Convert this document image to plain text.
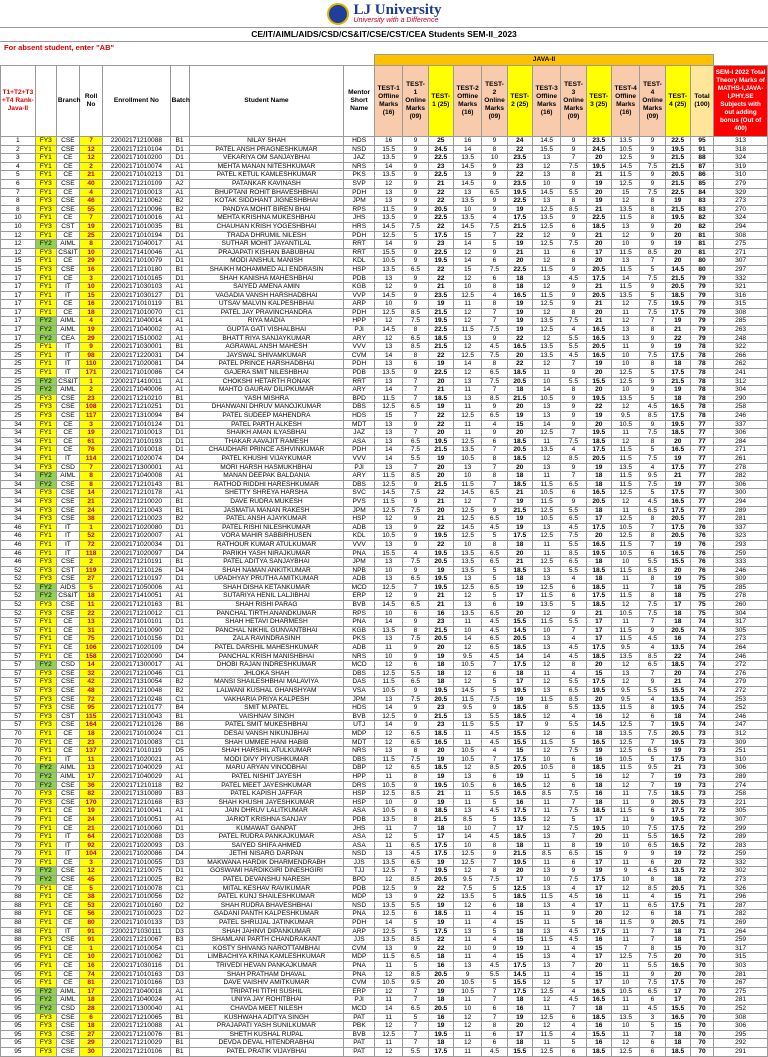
LJ University
University with a Difference
CE/IT/AIML/AIDS/CSD/CS&IT/CSE/CST/CEA Students SEM-II_2023
For absent student, enter "AB"
								JAVA-II													
T1+T2+T3 +T4 Rank- Java-II		Branch	Roll No	Enrollment No	Batch	Student Name	Mentor Short Name	TEST-1 Offline Marks (16)	TEST-1 Online Marks (09)	TEST-1 (25)	TEST-2 Offline Marks (16)	TEST-2 Online Marks (09)	TEST-2 (25)	TEST-3 Offline Marks (16)	TEST-3 Online Marks (09)	TEST-3 (25)	TEST-4 Offline Marks (16)	TEST-4 Online Marks (09)	TEST-4 (25)	Total (100)	SEM-I 2022 Total Theory Marks of MATHS-I,JAVA-I,PHY,SE Subjects with out adding bonus (Out of 400)
1	FY3	CSE	7	22002171210088	B1	NILAY SHAH	HDS	16	9	25	16	9	24	14.5	9	23.5	13.5	9	22.5	95	313
2	FY1	CSE	12	22002171210104	D1	PATEL ANSH PRAGNESHKUMAR	NSD	15.5	9	24.5	14	8	22	15.5	9	24.5	10.5	9	19.5	91	318
3	FY1	CE	12	22002171010200	D1	VEKARIYA OM SANJAYBHAI	JAZ	13.5	9	22.5	13.5	10	23.5	13	7	20	12.5	9	21.5	88	324
4	FY1	CE	2	22002171010074	A1	MEHTA MANAN NITESHKUMAR	NRS	14	9	23	14.5	9	23	12	7.5	19.5	14.5	7.5	21.5	87	319
5	FY1	CE	21	22002171010213	D1	PATEL KETUL KAMLESHKUMAR	PKS	13.5	9	22.5	13	9	22	13	8	21	11.5	9	20.5	86	310
6	FY3	CSE	40	22002171210109	A2	PATANKAR KAVINASH	SVP	12	9	21	14.5	9	23.5	10	9	19	12.5	9	21.5	85	279
7	FY1	CE	4	22002171010013	A1	BHUPTANI ROHIT BHAVESHBHAI	PDH	13	9	22	13	6.5	19.5	14.5	5.5	20	15	7.5	22.5	84	329
8	FY3	CSE	46	22002171210062	B2	KOTAK SIDDHANT JIGNESHBHAI	JPM	13	9	22	13.5	9	22.5	13	8	19	12	8	19	83	273
8	FY3	CSE	55	22002171210096	B2	PANDYA MOHIT BIREN BHAI	RPS	11.5	9	20.5	10	9	19	12.5	8.5	21	13.5	8	21.5	83	270
10	FY1	CE	7	22002171010016	A1	MEHTA KRISHNA MUKESHBHAI	JHS	13.5	9	22.5	13.5	4	17.5	13.5	9	22.5	11.5	8	19.5	82	324
10	FY3	CST	19	22002171010035	B1	CHAUHAN KRISH YOGESHBHAI	HRS	14.5	7.5	22	14.5	7.5	21.5	12.5	6	18.5	13	9	20	82	294
12	FY1	CE	25	22002171010194	D1	TRADA DHRUMIL NILESH	PDH	12.5	5	17.5	15	7	22	12	9	21	12	9	20	81	308
12	FY2	AIML	8	22002171040017	A1	SUTHAR MOHIT JAYANTILAL	RRT	14	9	23	14	5	19	12.5	7.5	20	10	9	19	81	275
12	FY3	CS&IT	10	22002171410046	A1	PRAJAPATI KISHAN BABUBHAI	RRT	15.5	9	22.5	12	9	21	11	6	17	11.5	8.5	20	81	271
15	FY1	CE	29	22002171010079	D1	MODI ANSHUL MANISH	KDL	10.5	9	19.5	14	6	20	12	8	20	13	7	20	80	307
15	FY3	CSE	16	22002171210180	B1	SHAIKH MOHAMMED ALI ENDRASIN	HSP	13.5	6.5	22	15	7.5	22.5	11.5	9	20.5	11.5	5	14.5	80	297
17	FY1	CE	3	22002171010165	D1	SHAH KANISHA MAHESHBHAI	PDB	13	9	22	12	6	18	13	4.5	17.5	14	7.5	21.5	79	332
17	FY1	IT	10	22002171030103	A1	SAIYED AMENA AMIN	KGB	12	9	21	10	8	18	12	9	21	11.5	9	20.5	79	321
17	FY1	IT	15	22002171030127	D1	VAGADIA VANSH HARSHADBHAI	VVP	14.5	9	23.5	12.5	4	16.5	11.5	9	20.5	13.5	5	18.5	79	316
17	FY1	CE	16	22002171010119	B1	UTSAV MALVIN KALPESHBHAI	ARP	10	9	19	11	8	19	12.5	9	21	12	7.5	19.5	79	315
17	FY1	CE	18	22002171010070	C1	PATEL JAY PRAVINCHANDRA	PDH	12.5	8.5	21.5	12	7	19	12	8	20	11	7.5	17.5	79	308
17	FY2	AIML	4	22002171040014	A1	RIYA MADIA	HPP	12	7.5	19.5	12	7	19	13.5	7.5	21	12	7	19	79	285
17	FY2	AIML	19	22002171040002	A1	GUPTA GATI VISHALBHAI	PJI	14.5	8	22.5	11.5	7.5	19	12.5	4	16.5	13	8	21	79	263
17	FY2	CEA	29	22002171510002	A1	BHATT RIYA SANJAYKUMAR	ARY	12	6.5	18.5	13	9	22	12	5.5	16.5	13	9	22	79	248
25	FY1	IT	9	22002171030001	B1	AGRAWAL ANSH MAHESH	VVV	13	8.5	21.5	12	4.5	16.5	13.5	5.5	20.5	11	9	19	78	322
25	FY1	IT	98	22002171220031	D4	JAYSWAL SHIVAMKUMAR	CVM	14	8	22	12.5	7.5	20	13.5	4.5	16.5	10	7.5	17.5	78	266
25	FY1	IT	110	22002171020081	D4	PATEL PRINCE HARSHADBHAI	PDH	13	6	19	14	8	22	12	7	19	10	8	18	78	262
25	FY1	IT	171	22002171010086	C4	GAJERA SMIT NILESHBHAI	PDB	13.5	9	22.5	12	6.5	18.5	11	9	20	12.5	5	17.5	78	241
25	FY2	CS&IT	1	22002171410011	A1	CHOKSHI HETARTH RONAK	RRT	13	7	20	13	7.5	20.5	10	5.5	15.5	12.5	9	21.5	78	312
25	FY2	AIML	2	22002171040006	A1	MAHTO GAURAV DILIPKUMAR	ARY	14	7	21	11	7	18	14	8	20	10	9	19	78	304
25	FY3	CSE	23	22002171210210	B1	YASH MISHRA	BPD	11.5	7	18.5	13	8.5	21.5	10.5	9	19.5	13.5	5	18	78	290
25	FY3	CSE	108	22002171210251	D1	DHANWANI DHRUV MANOJKUMAR	DBS	12.5	6.5	19	11	9	20	13	9	22	12	4.5	16.5	78	258
25	FY3	CSE	117	22002171310094	B4	PATEL SUDEEP MAHENDRA	HDS	15	7	22	12.5	6.5	19	13	9	19	9.5	8.5	17.5	78	246
34	FY1	CE	3	22002171010124	D1	PATEL PARTH ALKESH	MDT	13	9	22	11	4	15	14	9	20	10.5	9	19.5	77	337
34	FY1	CE	19	22002171010013	D1	SHAIKH AMAN ILYASBHAI	JAZ	13	7	20	11	9	20	12.5	7	19.5	11	7.5	18.5	77	306
34	FY1	CE	61	22002171010193	D1	THAKAR AAVAJIT RAMESH	ASA	13	6.5	19.5	12.5	6	18.5	11	7.5	18.5	12	8	20	77	284
34	FY1	CE	76	22002171010018	D1	CHAUDHARI PRINCE ASHVINKUMAR	PDH	14	7.5	21.5	13.5	7	20.5	13.5	4	17.5	11.5	5	16.5	77	271
34	FY1	IT	114	22002171020074	D4	PATEL KHUSHI VIJAYKUMAR	VVV	14	5.5	19	10.5	8	18.5	12	8.5	20.5	11.5	7.5	19	77	261
34	FY3	CSD	7	22002171300001	A1	MORI HARSH HASMUKHBHAI	PJI	13	7	20	13	7	20	13	9	19	13.5	4	17.5	77	278
34	FY2	AIML	8	22002171040008	A1	MANAN DEEPAK BALDANIA	ARY	11.5	8.5	20	10	8	18	11	7	18	11.5	9.5	21	77	282
34	FY2	CSE	8	22002171210143	B1	RATHOD RIDDHI HARESHKUMAR	DBS	12.5	9	21.5	11.5	7	18.5	11.5	6.5	18	11.5	7.5	19	77	306
34	FY3	CSE	14	22002171210178	A1	SHETTY SHREYA HARSHA	SVC	14.5	7.5	22	14.5	6.5	21	10.5	6	16.5	12.5	5	17.5	77	300
34	FY3	CSE	21	22002171210020	B1	DAVE RUDRA MUKESH	PVS	11.5	9	21	12	7	19	11.5	9	20.5	12	4.5	16.5	77	294
34	FY3	CSE	24	22002171210043	B1	JASMATIA MANAN RAKESH	JPM	12.5	7.5	20	12.5	9	21.5	12.5	5.5	18	11	6.5	17.5	77	289
34	FY3	CSE	38	22002171210023	B2	PATEL ANSH AJAYKUMAR	HSP	12	9	21	12.5	6.5	19	10.5	6.5	17	12.5	8	20.5	77	281
46	FY1	IT	1	22002171020080	D1	PATEL RISHI NILESHKUMAR	ADB	13	9	22	14.5	4.5	19	13	4.5	17.5	10.5	7	17.5	76	337
46	FY1	IT	52	22002171020007	A1	VORA MAHIR SABBIRHUSEN	KDL	10.5	9	19.5	12.5	5	17.5	12.5	7.5	20	12.5	8	20.5	76	323
46	FY1	IT	72	22002171020034	D1	RATHOUR KUMAR ATULKUMAR	VVV	13	9	22	10	8	18	11	5.5	16.5	11.5	7	19	76	293
46	FY1	IT	118	22002171020097	D4	PARIKH YASH NIRAJKUMAR	PNA	15.5	4	19.5	13.5	6.5	20	11	8.5	19.5	10.5	6	16.5	76	259
46	FY3	CSE	2	22002171210191	B1	PATEL ADITYA SANJAYBHAI	JPM	13	7.5	20.5	13.5	6.5	21	12.5	6.5	18	10	5.5	15.5	76	333
52	FY3	CST	119	22002171210126	D4	SHAH NAMAN ANKITKUMAR	NPB	10	9	19	13.5	5	18.5	13	5.5	18.5	11.5	8.5	20	76	246
52	FY3	CSE	27	22002171210197	D1	UPADHYAY PRUTHA AMITKUMAR	ADB	13	6.5	19.5	13	5	18	13	4	18	11	8	19	75	309
52	FY2	AIDS	5	22002171050006	A1	SHAH DISHA KETANKUMAR	MCD	12.5	7	19.5	12.5	6.5	19	12.5	6	18.5	11	7	18	75	285
52	FY2	CS&IT	18	22002171410051	A1	SUTARIYA HENIL LALJIBHAI	ERP	12	9	21	12	5	17	11.5	6	17.5	11.5	8	18	75	278
52	FY3	CSE	11	22002171210163	B1	SHAH RISHI PARAG	BVB	14.5	6.5	21	13	6	19	13.5	5	18.5	12	7.5	17	75	260
52	FY3	CSE	22	22002171210012	C1	PANCHAL TIRTH ANANDKUMAR	RPS	10	6	16	13.5	6.5	20	12	9	21	10.5	7.5	18	75	304
57	FY1	CE	13	22002171010101	D1	SHAH HETAVI DHARMESH	PNA	14	9	23	11	4.5	15.5	11.5	5.5	17	11	7	18	74	317
57	FY1	CE	31	22002171010090	D2	PANCHAL NIKHIL GUNVANTBHAI	KGB	13.5	8	21.5	10	4.5	14.5	10	7	17	11.5	9	20.5	74	305
57	FY1	CE	75	22002171010156	D1	ZALA RAVINDRASINH	PKS	13	7.5	20.5	14	6.5	20.5	13	4	17	11.5	4.5	16	74	273
57	FY1	CE	106	22002171020109	D4	PATEL DARSHIL MAHESHKUMAR	ADB	11	9	20	12	6.5	18.5	13	4.5	17.5	9.5	4	13.5	74	264
57	FY1	CE	158	22002171020090	D4	PANCHAL KRISH MANISHBHAI	NRS	10	9	19	9.5	4.5	14	14	4.5	18.5	13.5	8.5	22	74	246
57	FY2	CSD	14	22002171300017	A1	DHOBI RAJAN INDRESHKUMAR	MCD	12	6	18	10.5	7	17.5	12	8	20	12	6.5	18.5	74	272
57	FY3	CSE	32	22002171210046	C1	JHLOKA SHAH	DBS	12.5	5.5	18	12	6	18	11	4	15	13	7	20	74	276
57	FY3	CSE	42	22002171310054	B2	MANSI SHAILESHBHAI MALAVIYA	DAS	11.5	6.5	18	12	5	17	12	5.5	17.5	12	9	21	74	279
57	FY3	CSE	48	22002171210048	B2	LALWANI KUSHAL GHANSHYAM	VSA	10.5	9	19.5	14.5	5	19.5	13	6.5	19.5	9.5	5.5	15.5	74	272
57	FY3	CSE	72	22002171210248	C1	VAKHARIA PRIYA KALPESH	JPM	13	7.5	20.5	11.5	7.5	19	11.5	8.5	20	9.5	4	13.5	74	253
57	FY3	CSE	95	22002171210177	B4	SMIT M.PATEL	HDS	14	9	23	9.5	9	18.5	8	5.5	13.5	11.5	8	19.5	74	252
57	FY3	CST	115	22002171310043	B1	VAISHNAV SINGH	BVB	12.5	9	21.5	13	5.5	18.5	12	4	16	12	6	18	74	246
57	FY3	CSE	164	22002171210126	B6	PATEL SMIT MUKESHBHAI	UTJ	14	9	23	11.5	5.5	17	9	5.5	14.5	12.5	7	19.5	74	247
70	FY1	CE	18	22002171010024	C1	DESAI VANSH NIKUNJBHAI	MDP	12	6.5	18.5	11	4.5	15.5	12	6	18	13.5	7.5	20.5	73	312
70	FY1	CE	23	22002171010083	C1	SHAH UMMEE HANI HABIB	MDT	12	6.5	16.5	11	4.5	15.5	11.5	5	16.5	12.5	7	19.5	73	309
70	FY1	CE	137	22002171010119	D5	SHAH HARSHIL ATULKUMAR	NRS	13	8	20	10.5	4	15	12	7.5	19	12.5	6.5	19	73	251
70	FY1	IT	11	22002171020021	A1	MODI DIVY PIYUSHKUMAR	DBS	11.5	7.5	19	10.5	7	17.5	10	6	16	10.5	5	17.5	73	310
70	FY2	AIML	13	22002171040029	A1	MARU ARYAN VINODBHAI	DBP	12	6.5	18.5	12	8.5	20.5	10.5	8	18.5	11.5	9.5	21	73	306
70	FY2	AIML	17	22002171040029	A1	PATEL NISHIT JAYESH	HPP	11	8	19	13	6	19	11	5	16	12	7	19	73	289
70	FY2	CSE	36	22002171210118	B2	PATEL MEET JAYESHKUMAR	DRS	10.5	9	19.5	10.5	6	16.5	12	6	18	12	7	19	73	274
70	FY3	CSE	82	22002171310089	B3	PATEL KAPISH JAFFAR	HSP	12.5	8.5	21	11	5.5	16.5	8.5	7.5	16	11	7.5	18.5	73	258
70	FY3	CSE	170	22002171210168	B3	SHAH KHUSHI JAYESHKUMAR	HSP	10	9	19	11	5	16	11	7	18	11	9	20.5	73	221
79	FY1	CE	19	22002171010041	A1	JAIN DHRUV LALITKUMAR	ASA	10.5	8	18.5	13	4.5	17.5	11	7.5	18.5	11.5	6	17.5	72	305
79	FY1	CE	24	22002171010051	A1	JARIOT KRISHNA SANJAY	PDB	13.5	8	21.5	8.5	5	13.5	12	5	17	11	9	19.5	72	307
79	FY1	CE	21	22002171010060	D1	KUMAWAT GANPAT	JHS	11	7	18	10	7	17	12	7.5	19.5	10	7.5	17.5	72	299
79	FY1	IT	64	22002171020088	D3	PATEL RUDRA PANKAJKUMAR	ASA	12	5	17	14	4.5	18.5	13	7	20	11	5.5	16.5	72	289
79	FY1	IT	92	22002171020093	D3	SAIYED SHIFA AHMED	ASA	11	6.5	17.5	10	8	18	11	8	19	10	6.5	16.5	72	283
79	FY1	IT	104	22002171020086	D4	JETHI NISARG DARPAN	NSD	13	4.5	17.5	12.5	9	21.5	8.5	6.5	15	9	9	19	72	259
79	FY1	CE	3	22002171010055	D3	MAKWANA HARDIK DHARMENDRABH	JJS	13.5	6.5	19	12.5	7	19.5	11	6	17	11	6	20	72	332
79	FY2	CSE	12	22002171210075	D1	GOSWAMI HARDIKGIRI DINESHGIRI	TJJ	12.5	7	19.5	12	8	20	13	9	19	9	4.5	13.5	72	302
79	FY2	CSE	45	22002171210025	B2	PATEL DEVANSHU NARESH	BPD	12	8.5	20.5	9.5	7.5	17	10	7.5	17.5	10	8	18	72	273
79	FY1	CE	5	22002171010078	C1	MITAL KESHAV RAVIKUMAR	PDB	12.5	9	22	7.5	5	12.5	13	4	17	12	8.5	20.5	71	326
88	FY1	CE	38	22002171010056	D2	PATEL KUNJ SHAILESHKUMAR	MDP	13	9	22	13.5	5	18.5	11.5	4.5	16	11	4	15	71	296
88	FY1	CE	53	22002171010160	D2	SHAH RUDRA BHAVESHBHAI	NSD	13.5	5.5	19	12	6	18	13	4	17	11	6.5	17.5	71	287
88	FY1	CE	56	22002171010023	D2	GADANI PANTH KALPESHKUMAR	PNA	12.5	6	18.5	11	4	15	11	9	20	12	6	18	71	282
88	FY1	CE	80	22002171010133	D3	PATEL SHRUJAL JATINKUMAR	PDH	14	5	19	11	4	15	11	5	16	11.5	9	20.5	71	269
88	FY1	IT	91	22002171030111	D3	SHAH JAHNVI DIPANKUMAR	ARP	12.5	5	17.5	13	5	18	13	4.5	17.5	11	7	18	71	264
88	FY3	CSE	91	22002171210067	B3	SHAMLANI PARTH CHANDRAKANT	JJS	13.5	8.5	22	11	4	15	11.5	4.5	16	11	7	18	71	259
95	FY1	CE	1	22002171010054	C1	KOSTY SHIVANG NAROTTAMBHAI	CVM	13	9	22	10	9	19	11	4	15	7	8	15	70	317
95	FY1	CE	10	22002171010062	D1	LIMBACHIYA KRINA KAMLESHKUMAR	MDP	11.5	6.5	18	11	4	15	13	4	17	12.5	7.5	20	70	315
95	FY1	CE	16	22002171030116	D1	TRIVEDI HEVAN PANKAJKUMAR	PNA	11	5	16	13	4.5	17.5	13	7	20	11	5.5	16.5	70	303
95	FY1	CE	74	22002171010163	D3	SHAH PRATHAM DHAVAL	PNA	12	8.5	20.5	9	5.5	14.5	11	4	15	11	9	20	70	281
95	FY1	CE	81	22002171010166	D3	DAVE VAISHIV AMITKUMAR	CVM	10.5	9.5	20	10.5	5	15.5	12	5	17	10	7.5	17.5	70	267
95	FY2	AIML	17	22002171040018	A1	TRIPATHI TITHI SUSHIL	ERP	12	7	19	10.5	7	17.5	12.5	4	16.5	10.5	6.5	17	70	275
95	FY2	AIML	18	22002171040024	A1	UNIYA JAY ROHITBHAI	PJI	11	7	18	11	7	18	12	4.5	16.5	11	6	17	70	281
95	FY2	CSD	28	22002171300040	A1	CHAVDA MEET NILESH	MCD	14	6.5	20.5	10	6	16	11	7	18	11	4.5	15.5	70	252
95	FY3	CSE	6	22002171210065	B1	KUSHWAHA ADITYA SINGH	PAT	11	5	16	12	7	19	12.5	6	18.5	13.5	3	16.5	70	308
95	FY3	CSE	18	22002171210088	A1	PRAJAPATI YASH SUNILKUMAR	PBK	12	7	19	12	8	20	12	4	16	10	5	15	70	306
95	FY3	CSE	27	22002171210076	B1	SHETH KUSHAL RUPAL	BVB	12.5	7	19.5	11	6	17	11.5	4	15.5	11	7	18	70	295
95	FY3	CSE	29	22002171210029	B1	DEVDA DEVAL HITENDRABHAI	PAT	11	7	18	12	6	18	11	5	16	12	6	18	70	292
95	FY3	CSE	30	22002171210106	B1	PATEL PRATIK VIJAYBHAI	PAT	12	5.5	17.5	11	4.5	15.5	12.5	6	18.5	12.5	6	18.5	70	291
